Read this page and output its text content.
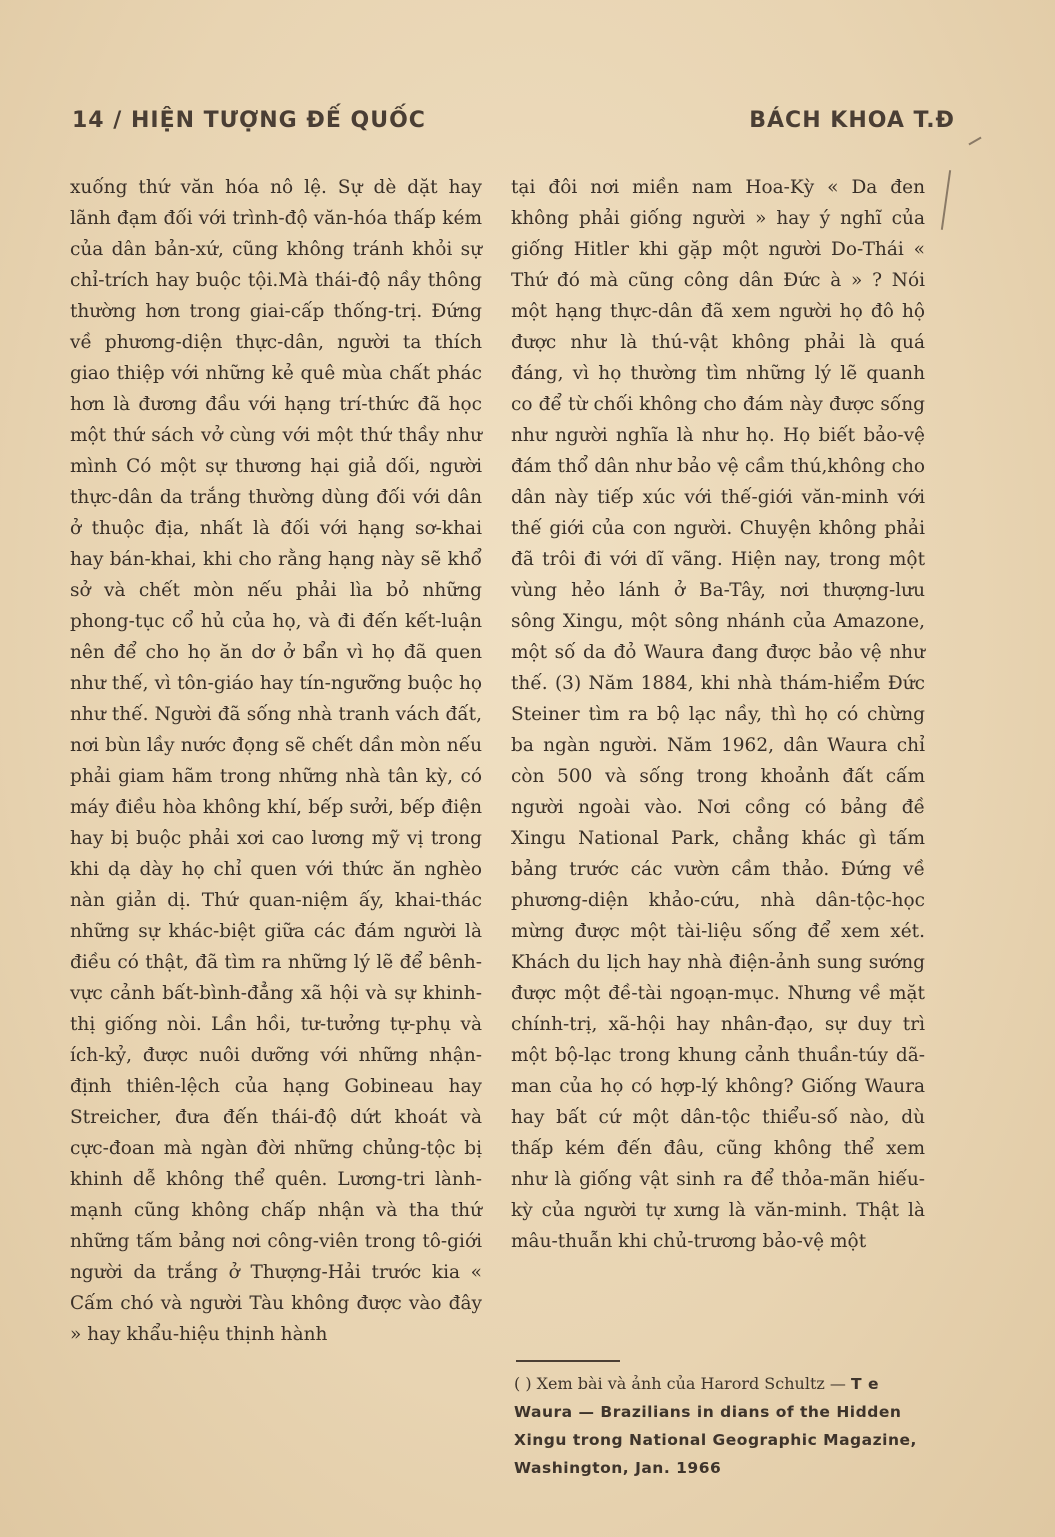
14 / HIỆN TƯỢNG ĐẾ QUỐC	BÁCH KHOA T.Đ

xuống thứ văn hóa nô lệ. Sự dè dặt hay lãnh đạm đối với trình-độ văn-hóa thấp kém của dân bản-xứ, cũng không tránh khỏi sự chỉ-trích hay buộc tội.Mà thái-độ nầy thông thường hơn trong giai-cấp thống-trị. Đứng về phương-diện thực-dân, người ta thích giao thiệp với những kẻ quê mùa chất phác hơn là đương đầu với hạng trí-thức đã học một thứ sách vở cùng với một thứ thầy như mình Có một sự thương hại giả dối, người thực-dân da trắng thường dùng đối với dân ở thuộc địa, nhất là đối với hạng sơ-khai hay bán-khai, khi cho rằng hạng này sẽ khổ sở và chết mòn nếu phải lìa bỏ những phong-tục cổ hủ của họ, và đi đến kết-luận nên để cho họ ăn dơ ở bẩn vì họ đã quen như thế, vì tôn-giáo hay tín-ngưỡng buộc họ như thế. Người đã sống nhà tranh vách đất, nơi bùn lầy nước đọng sẽ chết dần mòn nếu phải giam hãm trong những nhà tân kỳ, có máy điều hòa không khí, bếp sưởi, bếp điện hay bị buộc phải xơi cao lương mỹ vị trong khi dạ dày họ chỉ quen với thức ăn nghèo nàn giản dị. Thứ quan-niệm ấy, khai-thác những sự khác-biệt giữa các đám người là điều có thật, đã tìm ra những lý lẽ để bênh-vực cảnh bất-bình-đẳng xã hội và sự khinh-thị giống nòi. Lần hồi, tư-tưởng tự-phụ và ích-kỷ, được nuôi dưỡng với những nhận-định thiên-lệch của hạng Gobineau hay Streicher, đưa đến thái-độ dứt khoát và cực-đoan mà ngàn đời những chủng-tộc bị khinh dễ không thể quên. Lương-tri lành-mạnh cũng không chấp nhận và tha thứ những tấm bảng nơi công-viên trong tô-giới người da trắng ở Thượng-Hải trước kia « Cấm chó và người Tàu không được vào đây » hay khẩu-hiệu thịnh hành

tại đôi nơi miền nam Hoa-Kỳ « Da đen không phải giống người » hay ý nghĩ của giống Hitler khi gặp một người Do-Thái « Thứ đó mà cũng công dân Đức à » ? Nói một hạng thực-dân đã xem người họ đô hộ được như là thú-vật không phải là quá đáng, vì họ thường tìm những lý lẽ quanh co để từ chối không cho đám này được sống như người nghĩa là như họ. Họ biết bảo-vệ đám thổ dân như bảo vệ cầm thú,không cho dân này tiếp xúc với thế-giới văn-minh với thế giới của con người. Chuyện không phải đã trôi đi với dĩ vãng. Hiện nay, trong một vùng hẻo lánh ở Ba-Tây, nơi thượng-lưu sông Xingu, một sông nhánh của Amazone, một số da đỏ Waura đang được bảo vệ như thế. (3) Năm 1884, khi nhà thám-hiểm Đức Steiner tìm ra bộ lạc nầy, thì họ có chừng ba ngàn người. Năm 1962, dân Waura chỉ còn 500 và sống trong khoảnh đất cấm người ngoài vào. Nơi cồng có bảng đề Xingu National Park, chẳng khác gì tấm bảng trước các vườn cầm thảo. Đứng về phương-diện khảo-cứu, nhà dân-tộc-học mừng được một tài-liệu sống để xem xét. Khách du lịch hay nhà điện-ảnh sung sướng được một đề-tài ngoạn-mục. Nhưng về mặt chính-trị, xã-hội hay nhân-đạo, sự duy trì một bộ-lạc trong khung cảnh thuần-túy dã-man của họ có hợp-lý không? Giống Waura hay bất cứ một dân-tộc thiểu-số nào, dù thấp kém đến đâu, cũng không thể xem như là giống vật sinh ra để thỏa-mãn hiếu-kỳ của người tự xưng là văn-minh. Thật là mâu-thuẫn khi chủ-trương bảo-vệ một

( ) Xem bài và ảnh của Harord Schultz — T e Waura — Brazilians in dians of the Hidden Xingu trong National Geographic Magazine, Washington, Jan. 1966
